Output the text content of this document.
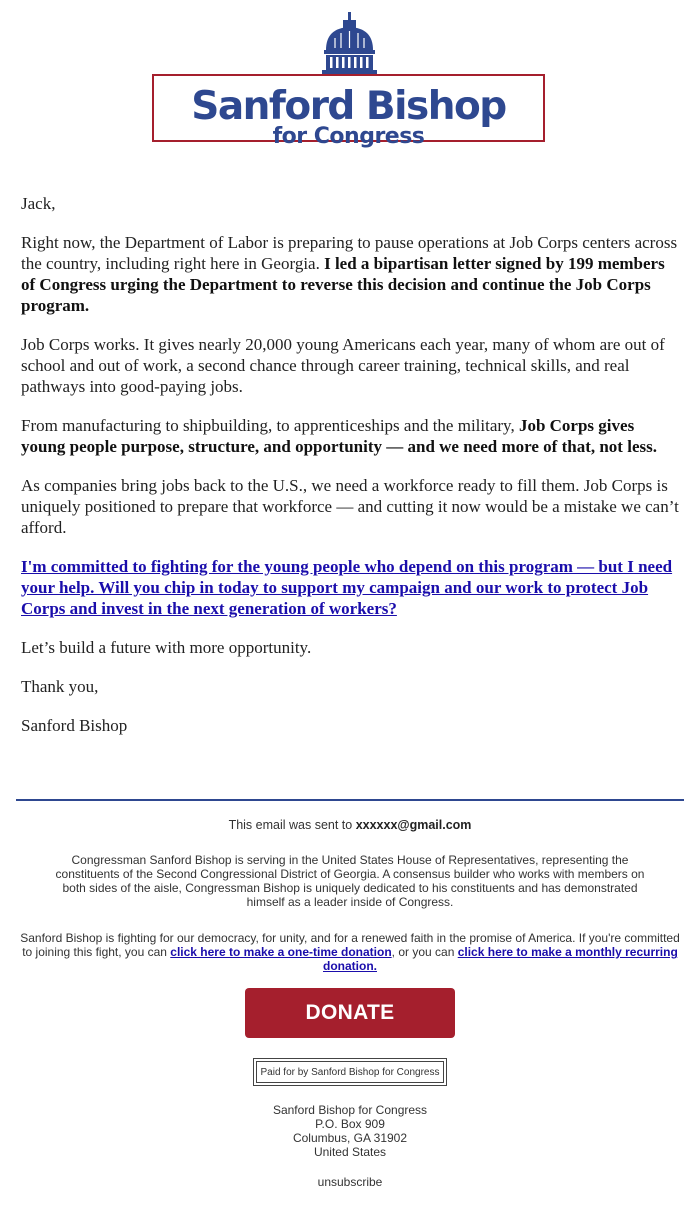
Sanford Bishop
for Congress

Jack,

Right now, the Department of Labor is preparing to pause operations at Job Corps centers across the country, including right here in Georgia. I led a bipartisan letter signed by 199 members of Congress urging the Department to reverse this decision and continue the Job Corps program.

Job Corps works. It gives nearly 20,000 young Americans each year, many of whom are out of school and out of work, a second chance through career training, technical skills, and real pathways into good-paying jobs.

From manufacturing to shipbuilding, to apprenticeships and the military, Job Corps gives young people purpose, structure, and opportunity — and we need more of that, not less.

As companies bring jobs back to the U.S., we need a workforce ready to fill them. Job Corps is uniquely positioned to prepare that workforce — and cutting it now would be a mistake we can’t afford.

I'm committed to fighting for the young people who depend on this program — but I need your help. Will you chip in today to support my campaign and our work to protect Job Corps and invest in the next generation of workers?

Let’s build a future with more opportunity.

Thank you,

Sanford Bishop

This email was sent to xxxxxx@gmail.com

Congressman Sanford Bishop is serving in the United States House of Representatives, representing the constituents of the Second Congressional District of Georgia. A consensus builder who works with members on both sides of the aisle, Congressman Bishop is uniquely dedicated to his constituents and has demonstrated himself as a leader inside of Congress.

Sanford Bishop is fighting for our democracy, for unity, and for a renewed faith in the promise of America. If you're committed to joining this fight, you can click here to make a one-time donation, or you can click here to make a monthly recurring donation.

DONATE
Paid for by Sanford Bishop for Congress
Sanford Bishop for Congress
P.O. Box 909
Columbus, GA 31902
United States
unsubscribe
